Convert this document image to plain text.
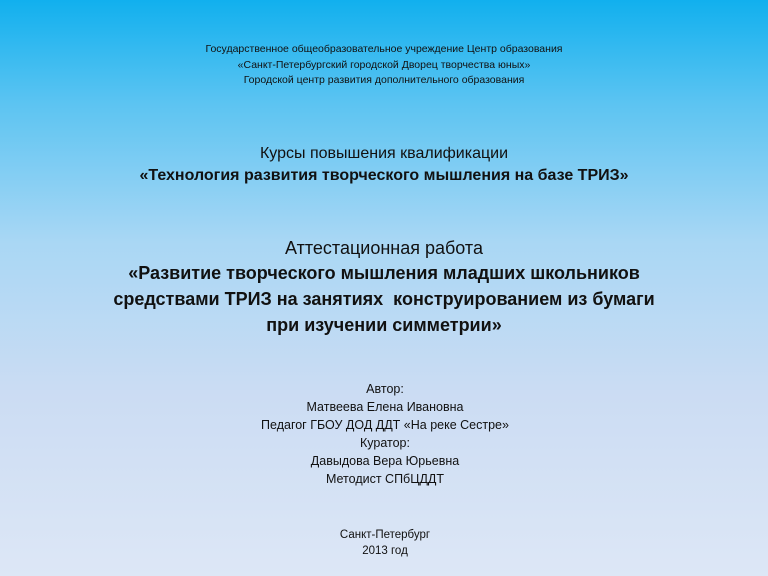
Государственное общеобразовательное учреждение Центр образования
«Санкт-Петербургский городской Дворец творчества юных»
Городской центр развития дополнительного образования
Курсы повышения квалификации
«Технология развития творческого мышления на базе ТРИЗ»
Аттестационная работа
«Развитие творческого мышления младших школьников
средствами ТРИЗ на занятиях  конструированием из бумаги
при изучении симметрии»
Автор:
Матвеева Елена Ивановна
Педагог ГБОУ ДОД ДДТ «На реке Сестре»
Куратор:
Давыдова Вера Юрьевна
Методист СПбЦДДТ
Санкт-Петербург
2013 год
